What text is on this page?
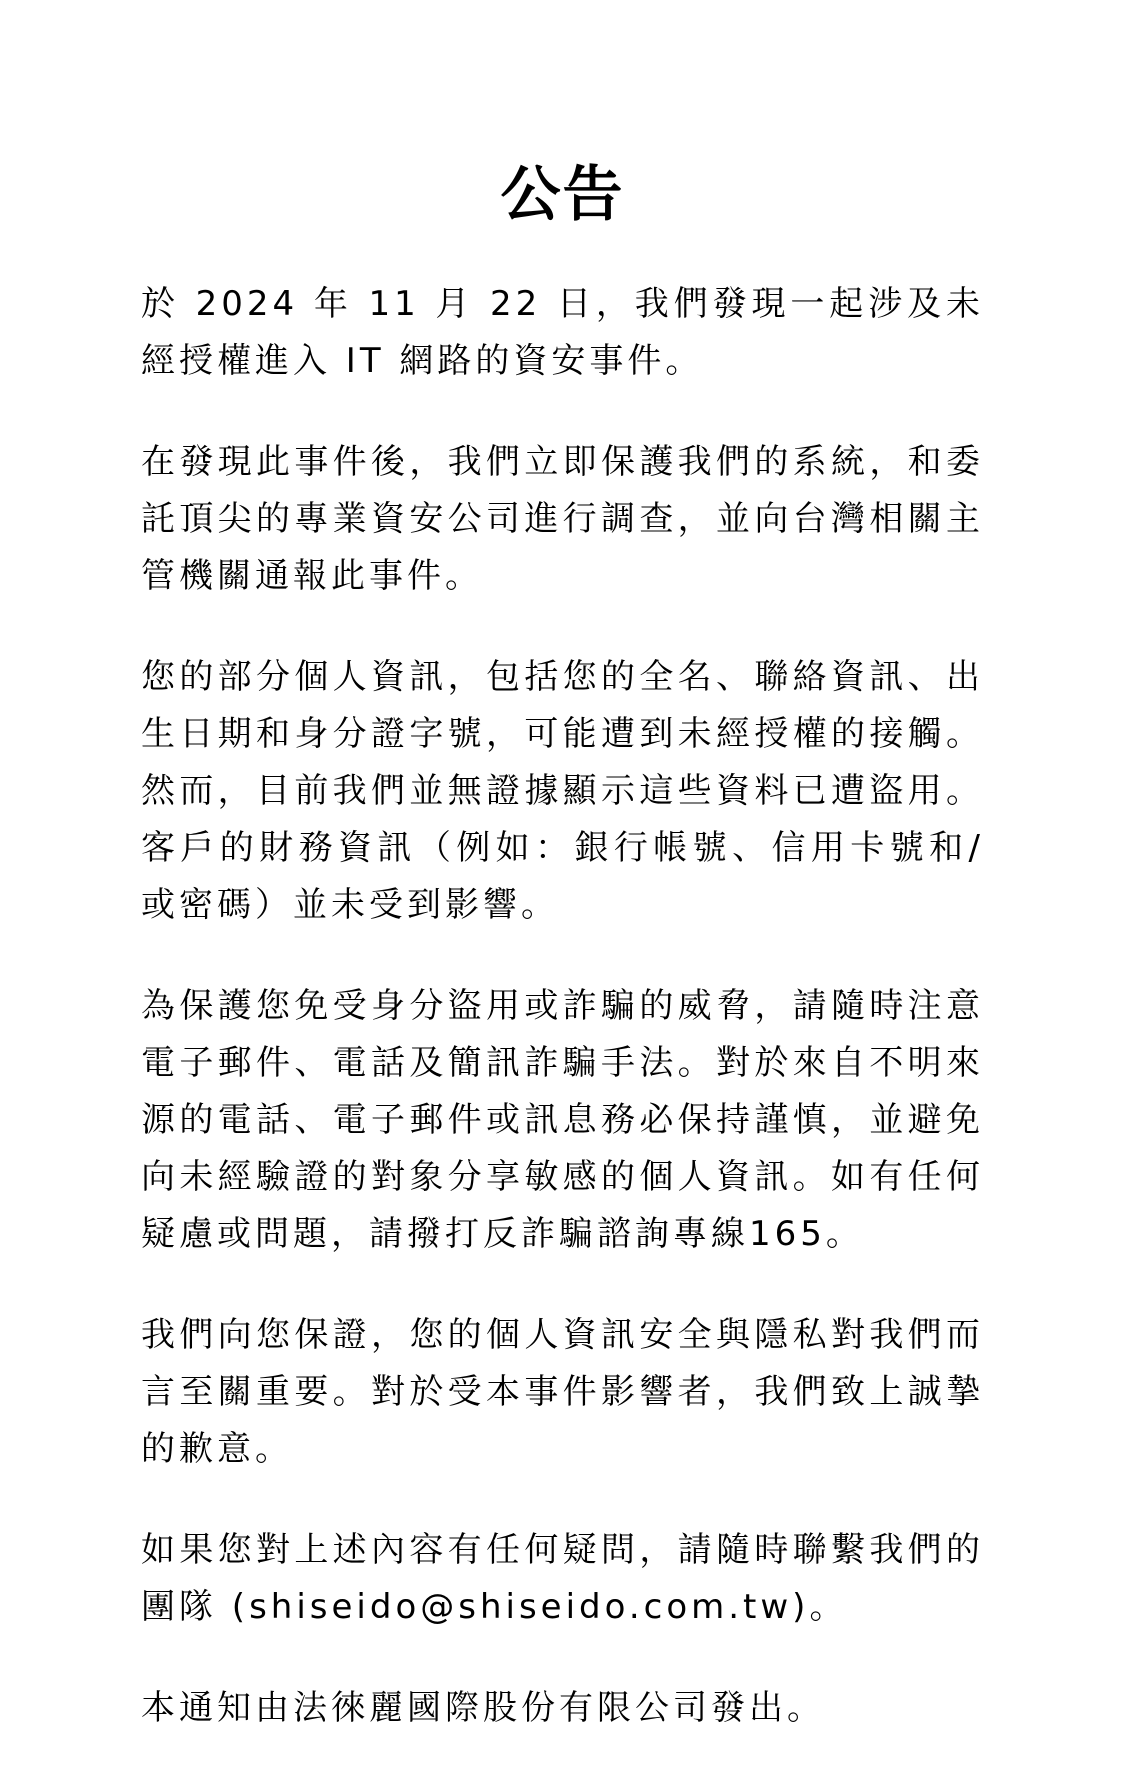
公告

於 2024 年 11 月 22 日，我們發現一起涉及未經授權進入 IT 網路的資安事件。

在發現此事件後，我們立即保護我們的系統，和委託頂尖的專業資安公司進行調查，並向台灣相關主管機關通報此事件。

您的部分個人資訊，包括您的全名、聯絡資訊、出生日期和身分證字號，可能遭到未經授權的接觸。然而，目前我們並無證據顯示這些資料已遭盜用。客戶的財務資訊（例如：銀行帳號、信用卡號和/或密碼）並未受到影響。

為保護您免受身分盜用或詐騙的威脅，請隨時注意電子郵件、電話及簡訊詐騙手法。對於來自不明來源的電話、電子郵件或訊息務必保持謹慎，並避免向未經驗證的對象分享敏感的個人資訊。如有任何疑慮或問題，請撥打反詐騙諮詢專線165。

我們向您保證，您的個人資訊安全與隱私對我們而言至關重要。對於受本事件影響者，我們致上誠摯的歉意。

如果您對上述內容有任何疑問，請隨時聯繫我們的團隊 (shiseido@shiseido.com.tw)。

本通知由法徠麗國際股份有限公司發出。
